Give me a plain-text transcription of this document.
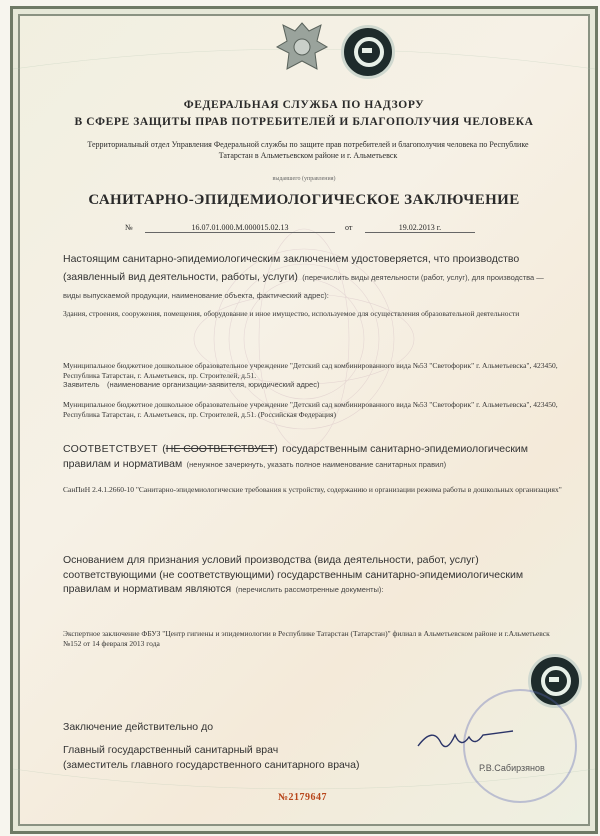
ФЕДЕРАЛЬНАЯ СЛУЖБА ПО НАДЗОРУ
В СФЕРЕ ЗАЩИТЫ ПРАВ ПОТРЕБИТЕЛЕЙ И БЛАГОПОЛУЧИЯ ЧЕЛОВЕКА
Территориальный отдел Управления Федеральной службы по защите прав потребителей и благополучия человека по Республике Татарстан в Альметьевском районе и г. Альметьевск
выдавшего (управления)
САНИТАРНО-ЭПИДЕМИОЛОГИЧЕСКОЕ ЗАКЛЮЧЕНИЕ
№	16.07.01.000.М.000015.02.13	от	19.02.2013 г.
Настоящим санитарно-эпидемиологическим заключением удостоверяется, что производство (заявленный вид деятельности, работы, услуги) (перечислить виды деятельности (работ, услуг), для производства — виды выпускаемой продукции, наименование объекта, фактический адрес):
Здания, строения, сооружения, помещения, оборудование и иное имущество, используемое для осуществления образовательной деятельности
Муниципальное бюджетное дошкольное образовательное учреждение "Детский сад комбинированного вида №53 "Светофорик" г. Альметьевска", 423450, Республика Татарстан, г. Альметьевск, пр. Строителей, д.51.
Заявитель (наименование организации-заявителя, юридический адрес)
Муниципальное бюджетное дошкольное образовательное учреждение "Детский сад комбинированного вида №53 "Светофорик" г. Альметьевска", 423450, Республика Татарстан, г. Альметьевск, пр. Строителей, д.51. (Российская Федерация)
СООТВЕТСТВУЕТ (НЕ СООТВЕТСТВУЕТ) государственным санитарно-эпидемиологическим правилам и нормативам (ненужное зачеркнуть, указать полное наименование санитарных правил)
СанПиН 2.4.1.2660-10 "Санитарно-эпидемиологические требования к устройству, содержанию и организации режима работы в дошкольных организациях"
Основанием для признания условий производства (вида деятельности, работ, услуг) соответствующими (не соответствующими) государственным санитарно-эпидемиологическим правилам и нормативам являются (перечислить рассмотренные документы):
Экспертное заключение ФБУЗ "Центр гигиены и эпидемиологии в Республике Татарстан (Татарстан)" филиал в Альметьевском районе и г.Альметьевск №152 от 14 февраля 2013 года
Заключение действительно до
Главный государственный санитарный врач
(заместитель главного государственного санитарного врача)	Р.В.Сабирзянов
№2179647
